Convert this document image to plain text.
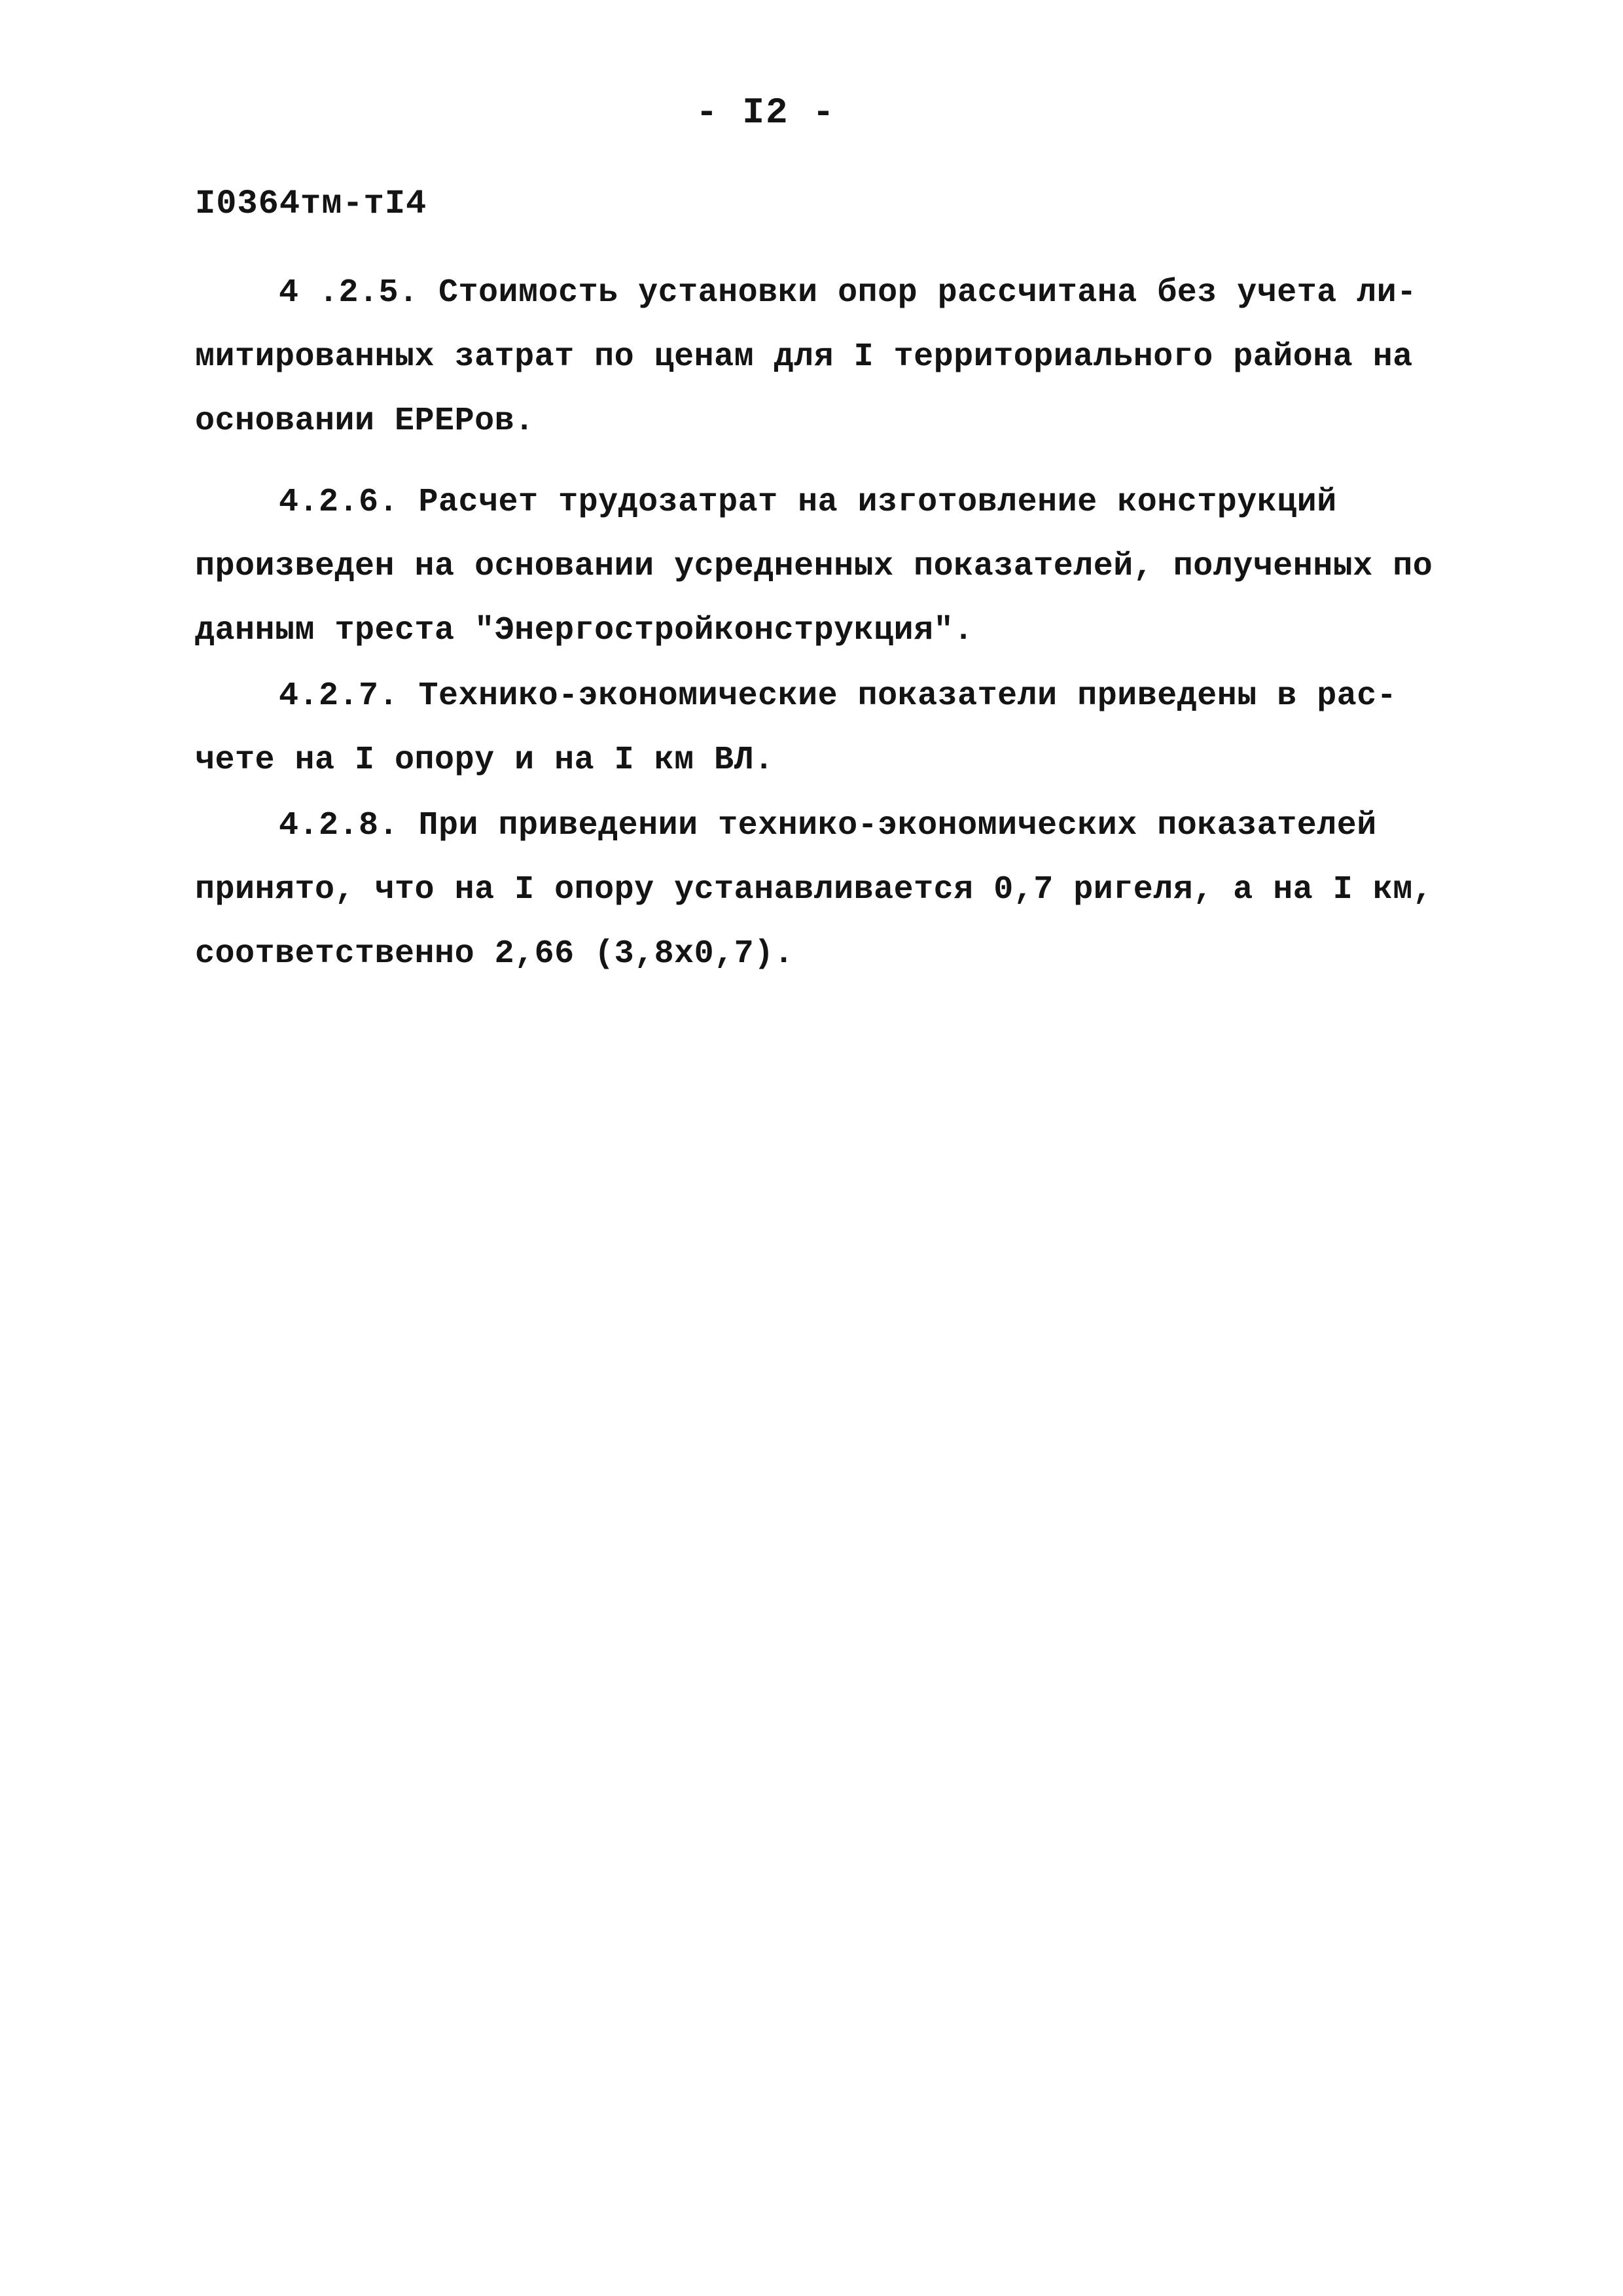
- I2 -
I0364тм-тI4
4 .2.5. Стоимость установки опор рассчитана без учета ли-
митированных затрат по ценам для I территориального района на
основании ЕРЕРов.
4.2.6. Расчет трудозатрат на изготовление конструкций
произведен на основании усредненных показателей, полученных по
данным треста "Энергостройконструкция".
4.2.7. Технико-экономические показатели приведены в рас-
чете на I опору и на I км ВЛ.
4.2.8. При приведении технико-экономических показателей
принято, что на I опору устанавливается 0,7 ригеля, а на I км,
соответственно 2,66 (3,8х0,7).
